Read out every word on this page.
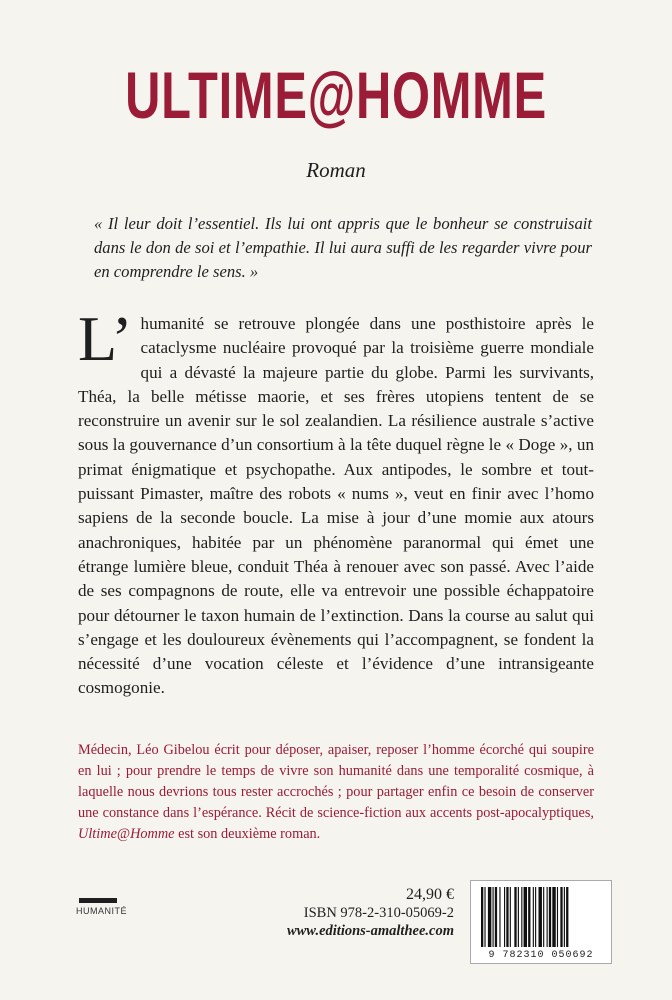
ULTIME@HOMME
Roman
« Il leur doit l’essentiel. Ils lui ont appris que le bonheur se construisait dans le don de soi et l’empathie. Il lui aura suffi de les regarder vivre pour en comprendre le sens. »
L’ humanité se retrouve plongée dans une posthistoire après le cataclysme nucléaire provoqué par la troisième guerre mondiale qui a dévasté la majeure partie du globe. Parmi les survivants, Théa, la belle métisse maorie, et ses frères utopiens tentent de se reconstruire un avenir sur le sol zealandien. La résilience australe s’active sous la gouvernance d’un consortium à la tête duquel règne le « Doge », un primat énigmatique et psychopathe. Aux antipodes, le sombre et tout-puissant Pimaster, maître des robots « nums », veut en finir avec l’homo sapiens de la seconde boucle. La mise à jour d’une momie aux atours anachroniques, habitée par un phénomène paranormal qui émet une étrange lumière bleue, conduit Théa à renouer avec son passé. Avec l’aide de ses compagnons de route, elle va entrevoir une possible échappatoire pour détourner le taxon humain de l’extinction. Dans la course au salut qui s’engage et les douloureux évènements qui l’accompagnent, se fondent la nécessité d’une vocation céleste et l’évidence d’une intransigeante cosmogonie.
Médecin, Léo Gibelou écrit pour déposer, apaiser, reposer l’homme écorché qui soupire en lui ; pour prendre le temps de vivre son humanité dans une temporalité cosmique, à laquelle nous devrions tous rester accrochés ; pour partager enfin ce besoin de conserver une constance dans l’espérance. Récit de science-fiction aux accents post-apocalyptiques, Ultime@Homme est son deuxième roman.
HUMANITÉ
24,90 €
ISBN 978-2-310-05069-2
www.editions-amalthee.com
9 782310 050692
